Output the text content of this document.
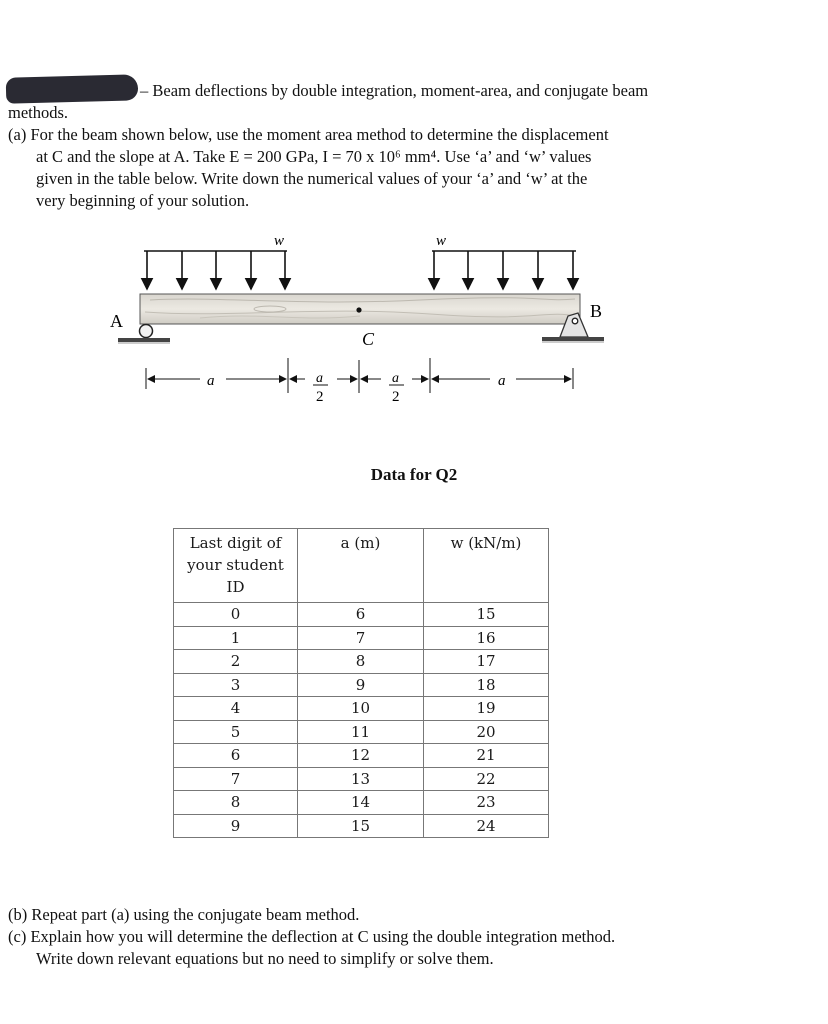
– Beam deflections by double integration, moment-area, and conjugate beam
methods.
(a) For the beam shown below, use the moment area method to determine the displacement
at C and the slope at A. Take E = 200 GPa, I = 70 x 10⁶ mm⁴. Use ‘a’ and ‘w’ values
given in the table below. Write down the numerical values of your ‘a’ and ‘w’ at the
very beginning of your solution.
w	w
A	B
C
a	a
2
a
2
a
Data for Q2
Last digit of
your student
ID	a (m)	w (kN/m)
0	6	15
1	7	16
2	8	17
3	9	18
4	10	19
5	11	20
6	12	21
7	13	22
8	14	23
9	15	24
(b) Repeat part (a) using the conjugate beam method.
(c) Explain how you will determine the deflection at C using the double integration method.
Write down relevant equations but no need to simplify or solve them.
